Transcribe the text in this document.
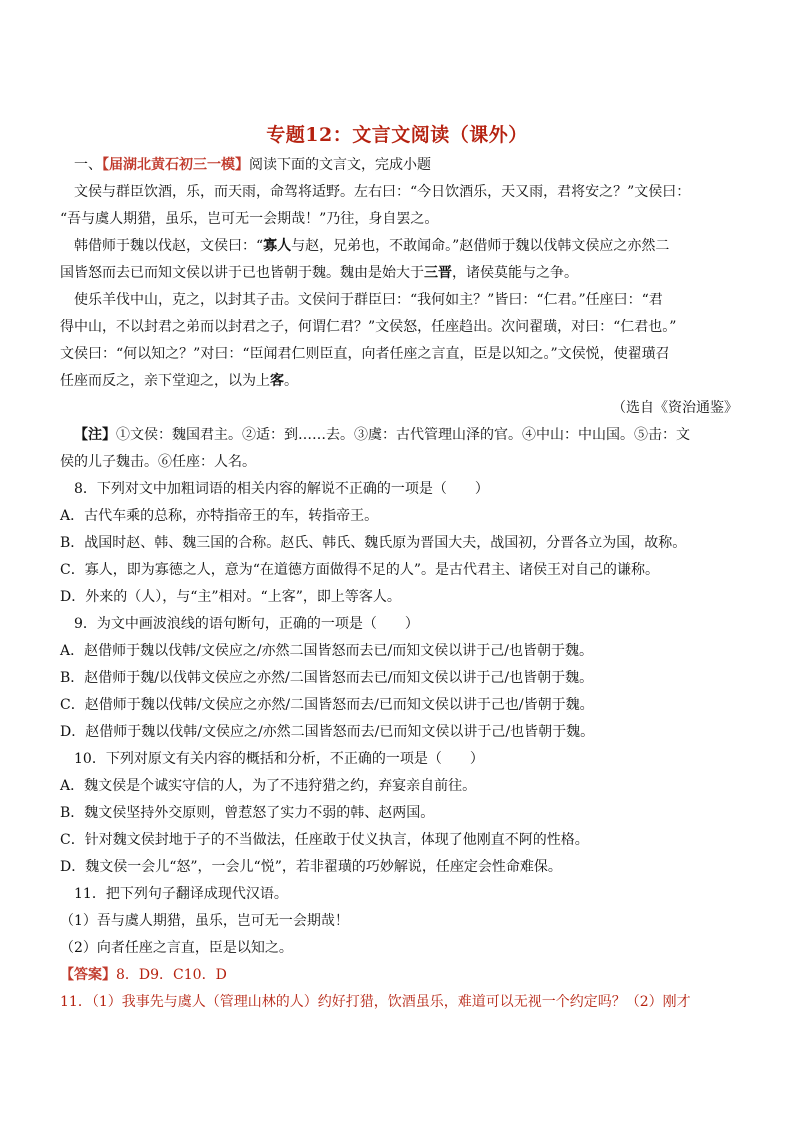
专题12：文言文阅读（课外）

一、【届湖北黄石初三一模】阅读下面的文言文，完成小题

文侯与群臣饮酒，乐，而天雨，命驾将适野。左右曰：“今日饮酒乐，天又雨，君将安之？”文侯曰：

“吾与虞人期猎，虽乐，岂可无一会期哉！”乃往，身自罢之。

韩借师于魏以伐赵，文侯曰：“寡人与赵，兄弟也，不敢闻命。”赵借师于魏以伐韩文侯应之亦然二

国皆怒而去已而知文侯以讲于已也皆朝于魏。魏由是始大于三晋，诸侯莫能与之争。

使乐羊伐中山，克之，以封其子击。文侯问于群臣曰：“我何如主？”皆曰：“仁君。”任座曰：“君

得中山，不以封君之弟而以封君之子，何谓仁君？”文侯怒，任座趋出。次问翟璜，对曰：“仁君也。”

文侯曰：“何以知之？”对曰：“臣闻君仁则臣直，向者任座之言直，臣是以知之。”文侯悦，使翟璜召

任座而反之，亲下堂迎之，以为上客。

（选自《资治通鉴》

【注】①文侯：魏国君主。②适：到……去。③虞：古代管理山泽的官。④中山：中山国。⑤击：文

侯的儿子魏击。⑥任座：人名。

8．下列对文中加粗词语的相关内容的解说不正确的一项是（　　）

A．古代车乘的总称，亦特指帝王的车，转指帝王。

B．战国时赵、韩、魏三国的合称。赵氏、韩氏、魏氏原为晋国大夫，战国初，分晋各立为国，故称。

C．寡人，即为寡德之人，意为“在道德方面做得不足的人”。是古代君主、诸侯王对自己的谦称。

D．外来的（人），与“主”相对。“上客”，即上等客人。

9．为文中画波浪线的语句断句，正确的一项是（　　）

A．赵借师于魏以伐韩/文侯应之/亦然二国皆怒而去已/而知文侯以讲于己/也皆朝于魏。

B．赵借师于魏/以伐韩文侯应之亦然/二国皆怒而去已/而知文侯以讲于己/也皆朝于魏。

C．赵借师于魏以伐韩/文侯应之亦然/二国皆怒而去/已而知文侯以讲于己也/皆朝于魏。

D．赵借师于魏以伐韩/文侯应之/亦然二国皆怒而去/已而知文侯以讲于己/也皆朝于魏。

10．下列对原文有关内容的概括和分析，不正确的一项是（　　）

A．魏文侯是个诚实守信的人，为了不违狩猎之约，弃宴亲自前往。

B．魏文侯坚持外交原则，曾惹怒了实力不弱的韩、赵两国。

C．针对魏文侯封地于子的不当做法，任座敢于仗义执言，体现了他刚直不阿的性格。

D．魏文侯一会儿“怒”，一会儿“悦”，若非翟璜的巧妙解说，任座定会性命难保。

11．把下列句子翻译成现代汉语。

（1）吾与虞人期猎，虽乐，岂可无一会期哉！

（2）向者任座之言直，臣是以知之。

【答案】8．D9．C10．D

11．（1）我事先与虞人（管理山林的人）约好打猎，饮酒虽乐，难道可以无视一个约定吗？（2）刚才
